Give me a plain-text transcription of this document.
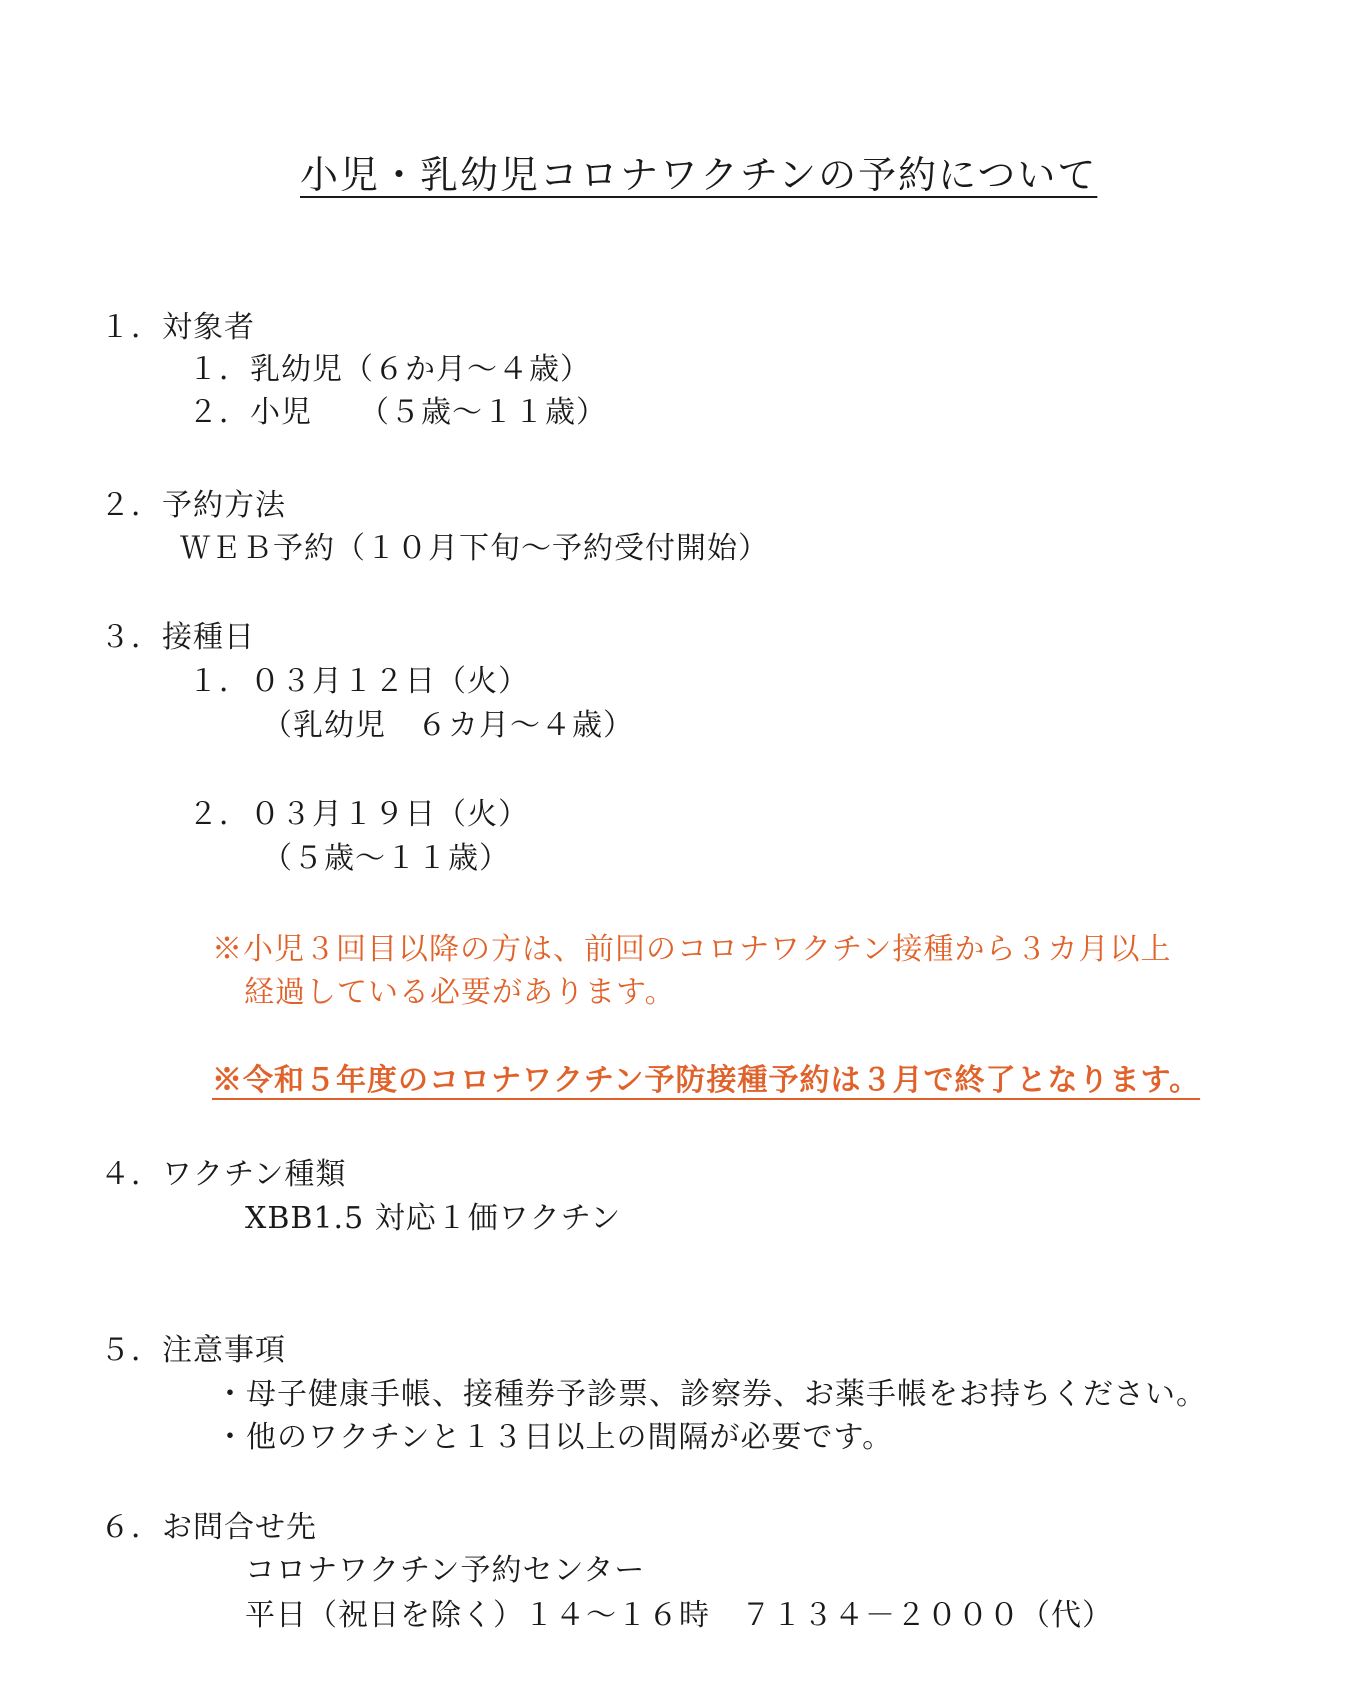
小児・乳幼児コロナワクチンの予約について
１．対象者
１．乳幼児（６か月～４歳）
２．小児　　（５歳～１１歳）
２．予約方法
ＷＥＢ予約（１０月下旬～予約受付開始）
３．接種日
１．０３月１２日（火）
（乳幼児　６カ月～４歳）
２．０３月１９日（火）
（５歳～１１歳）
※小児３回目以降の方は、前回のコロナワクチン接種から３カ月以上
経過している必要があります。
※令和５年度のコロナワクチン予防接種予約は３月で終了となります。
４．ワクチン種類
XBB1.5 対応１価ワクチン
５．注意事項
・母子健康手帳、接種券予診票、診察券、お薬手帳をお持ちください。
・他のワクチンと１３日以上の間隔が必要です。
６．お問合せ先
コロナワクチン予約センター
平日（祝日を除く）１４～１６時　７１３４－２０００（代）
